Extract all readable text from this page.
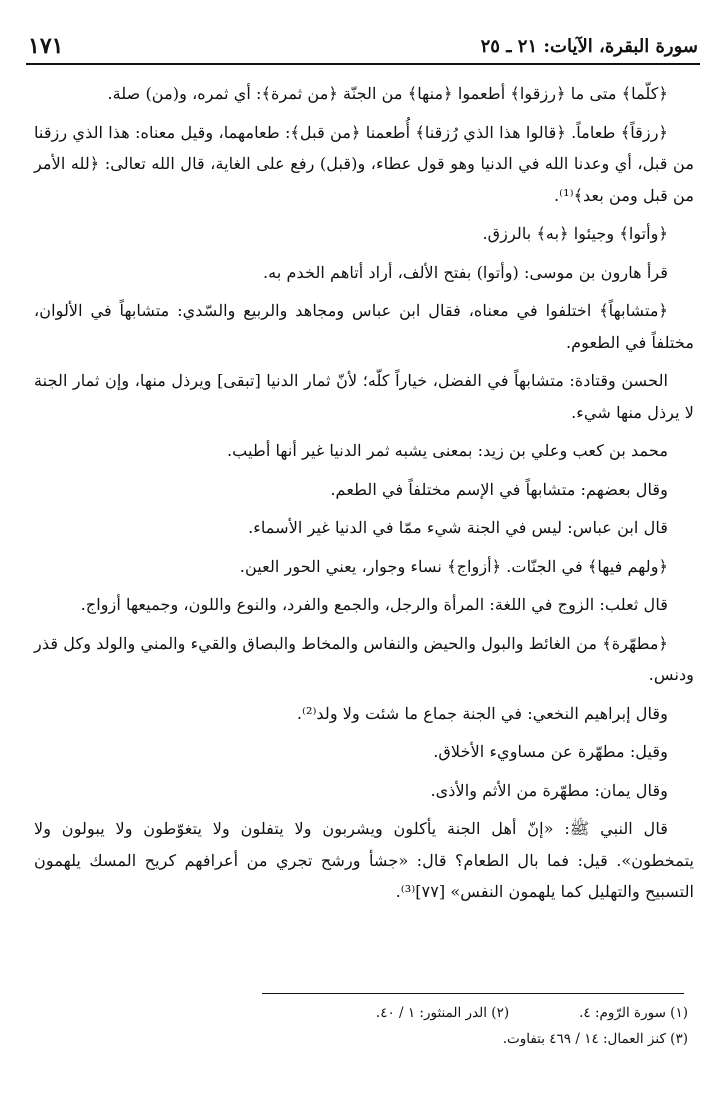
سورة البقرة، الآيات: ٢١ ـ ٢٥
١٧١

﴿كلّما﴾ متى ما ﴿رزقوا﴾ أطعموا ﴿منها﴾ من الجنّة ﴿من ثمرة﴾: أي ثمره، و(من) صلة.

﴿رزقاً﴾ طعاماً. ﴿قالوا هذا الذي رُزقنا﴾ أُطعمنا ﴿من قبل﴾: طعامهما، وقيل معناه: هذا الذي رزقنا من قبل، أي وعدنا الله في الدنيا وهو قول عطاء، و(قبل) رفع على الغاية، قال الله تعالى: ﴿لله الأمر من قبل ومن بعد﴾⁽¹⁾.

﴿وأتوا﴾ وجيئوا ﴿به﴾ بالرزق.

قرأ هارون بن موسى: (وأتوا) بفتح الألف، أراد أتاهم الخدم به.

﴿متشابهاً﴾ اختلفوا في معناه، فقال ابن عباس ومجاهد والربيع والسّدي: متشابهاً في الألوان، مختلفاً في الطعوم.

الحسن وقتادة: متشابهاً في الفضل، خياراً كلّه؛ لأنّ ثمار الدنيا [تبقى] ويرذل منها، وإن ثمار الجنة لا يرذل منها شيء.

محمد بن كعب وعلي بن زيد: بمعنى يشبه ثمر الدنيا غير أنها أطيب.

وقال بعضهم: متشابهاً في الإسم مختلفاً في الطعم.

قال ابن عباس: ليس في الجنة شيء ممّا في الدنيا غير الأسماء.

﴿ولهم فيها﴾ في الجنّات. ﴿أزواج﴾ نساء وجوار، يعني الحور العين.

قال ثعلب: الزوج في اللغة: المرأة والرجل، والجمع والفرد، والنوع واللون، وجميعها أزواج.

﴿مطهّرة﴾ من الغائط والبول والحيض والنفاس والمخاط والبصاق والقيء والمني والولد وكل قذر ودنس.

وقال إبراهيم النخعي: في الجنة جماع ما شئت ولا ولد⁽²⁾.

وقيل: مطهّرة عن مساويء الأخلاق.

وقال يمان: مطهّرة من الأثم والأذى.

قال النبي ﷺ: «إنّ أهل الجنة يأكلون ويشربون ولا يتفلون ولا يتغوّطون ولا يبولون ولا يتمخطون». قيل: فما بال الطعام؟ قال: «جشأ ورشح تجري من أعرافهم كريح المسك يلهمون التسبيح والتهليل كما يلهمون النفس» [٧٧]⁽³⁾.

(١) سورة الرّوم: ٤.
(٢) الدر المنثور: ١ / ٤٠.
(٣) كنز العمال: ١٤ / ٤٦٩ بتفاوت.
